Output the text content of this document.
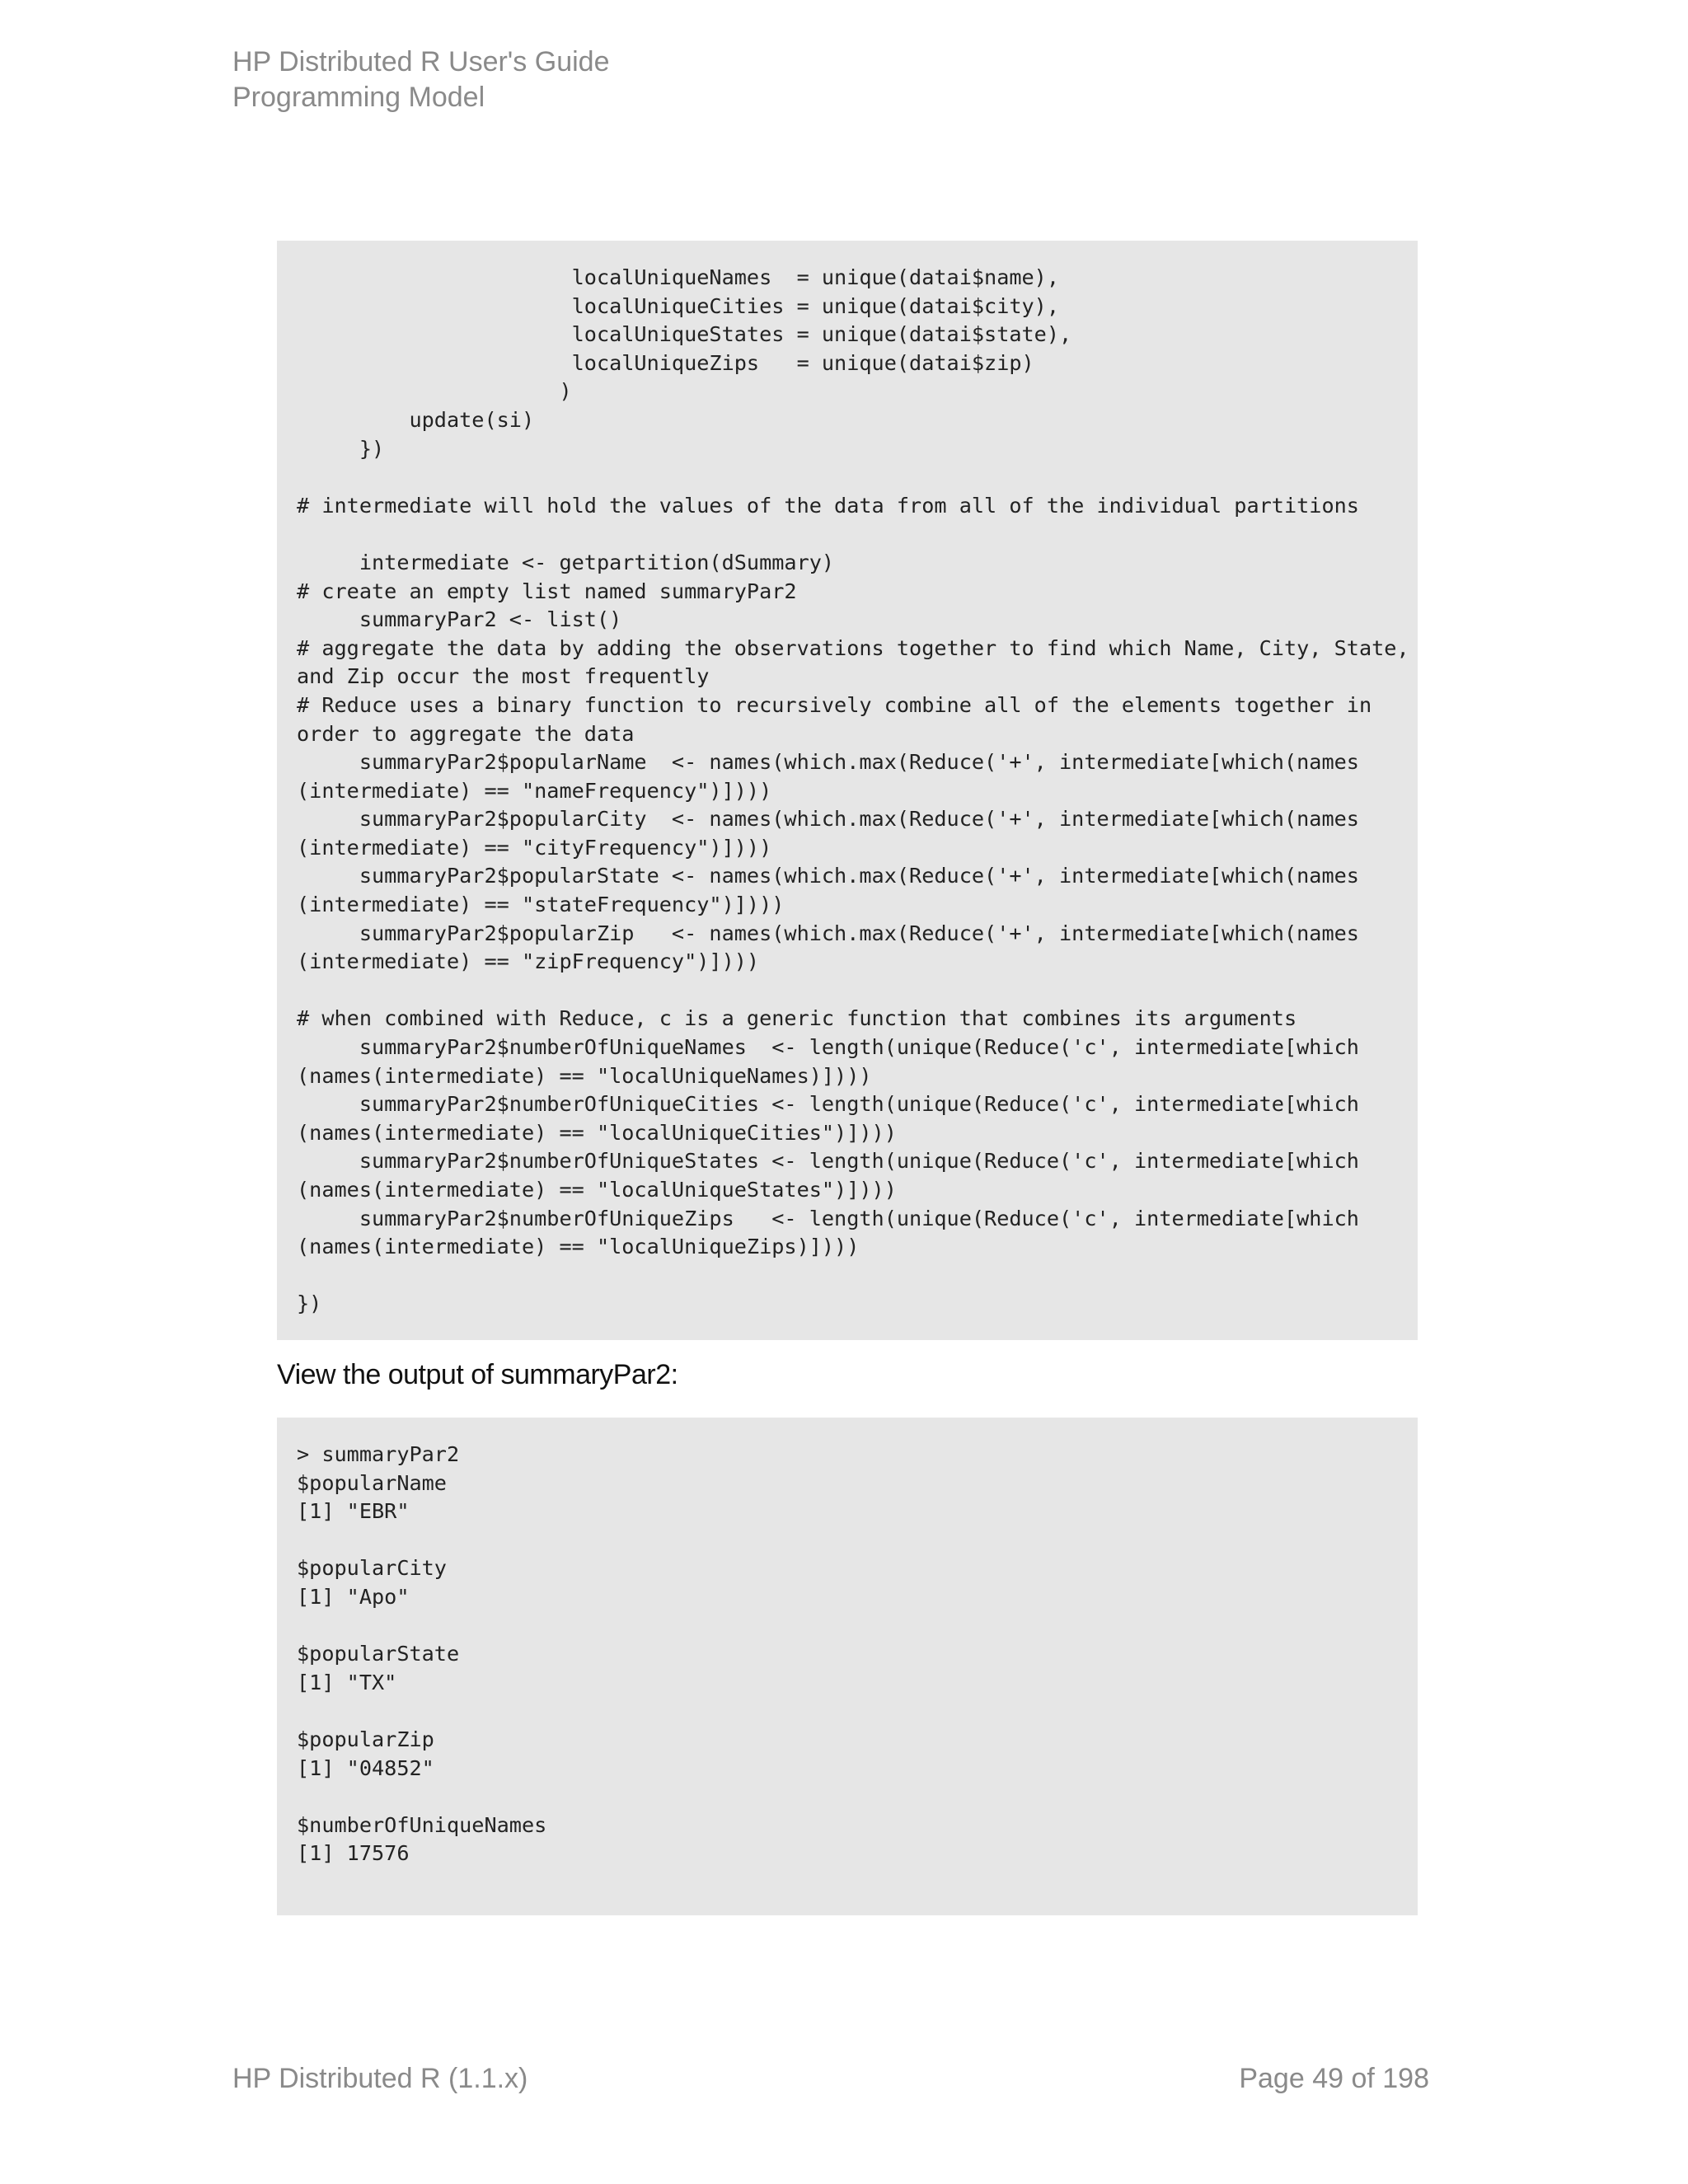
HP Distributed R User's Guide
Programming Model
localUniqueNames  = unique(datai$name),
localUniqueCities = unique(datai$city),
localUniqueStates = unique(datai$state),
localUniqueZips   = unique(datai$zip)
)
update(si)
})
# intermediate will hold the values of the data from all of the individual partitions
intermediate <- getpartition(dSummary)
# create an empty list named summaryPar2
summaryPar2 <- list()
# aggregate the data by adding the observations together to find which Name, City, State,
and Zip occur the most frequently
# Reduce uses a binary function to recursively combine all of the elements together in
order to aggregate the data
summaryPar2$popularName  <- names(which.max(Reduce('+', intermediate[which(names
(intermediate) == "nameFrequency")])))
summaryPar2$popularCity  <- names(which.max(Reduce('+', intermediate[which(names
(intermediate) == "cityFrequency")])))
summaryPar2$popularState <- names(which.max(Reduce('+', intermediate[which(names
(intermediate) == "stateFrequency")])))
summaryPar2$popularZip   <- names(which.max(Reduce('+', intermediate[which(names
(intermediate) == "zipFrequency")])))
# when combined with Reduce, c is a generic function that combines its arguments
summaryPar2$numberOfUniqueNames  <- length(unique(Reduce('c', intermediate[which
(names(intermediate) == "localUniqueNames)])))
summaryPar2$numberOfUniqueCities <- length(unique(Reduce('c', intermediate[which
(names(intermediate) == "localUniqueCities")])))
summaryPar2$numberOfUniqueStates <- length(unique(Reduce('c', intermediate[which
(names(intermediate) == "localUniqueStates")])))
summaryPar2$numberOfUniqueZips   <- length(unique(Reduce('c', intermediate[which
(names(intermediate) == "localUniqueZips)])))
})
View the output of summaryPar2:
> summaryPar2
$popularName
[1] "EBR"
$popularCity
[1] "Apo"
$popularState
[1] "TX"
$popularZip
[1] "04852"
$numberOfUniqueNames
[1] 17576
HP Distributed R (1.1.x)	Page 49 of 198
